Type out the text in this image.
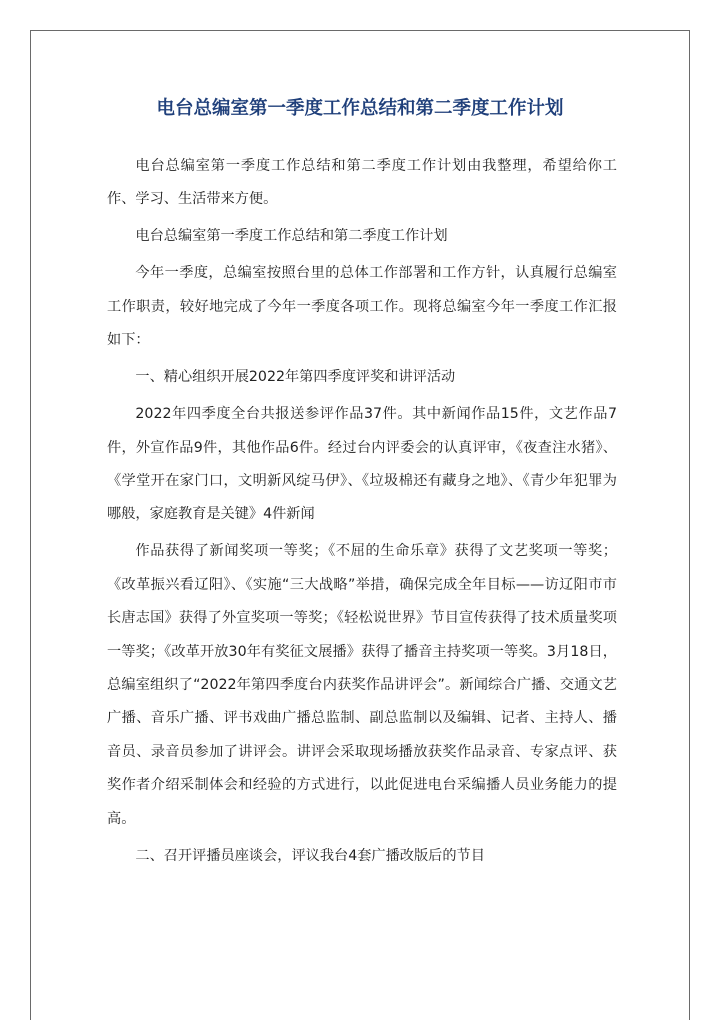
电台总编室第一季度工作总结和第二季度工作计划

电台总编室第一季度工作总结和第二季度工作计划由我整理，希望给你工作、学习、生活带来方便。

电台总编室第一季度工作总结和第二季度工作计划

今年一季度，总编室按照台里的总体工作部署和工作方针，认真履行总编室工作职责，较好地完成了今年一季度各项工作。现将总编室今年一季度工作汇报如下：

一、精心组织开展2022年第四季度评奖和讲评活动

2022年四季度全台共报送参评作品37件。其中新闻作品15件，文艺作品7件，外宣作品9件，其他作品6件。经过台内评委会的认真评审，《夜查注水猪》、《学堂开在家门口，文明新风绽马伊》、《垃圾棉还有藏身之地》、《青少年犯罪为哪般，家庭教育是关键》4件新闻

作品获得了新闻奖项一等奖；《不屈的生命乐章》获得了文艺奖项一等奖；《改革振兴看辽阳》、《实施“三大战略”举措，确保完成全年目标——访辽阳市市长唐志国》获得了外宣奖项一等奖；《轻松说世界》节目宣传获得了技术质量奖项一等奖；《改革开放30年有奖征文展播》获得了播音主持奖项一等奖。3月18日，总编室组织了“2022年第四季度台内获奖作品讲评会”。新闻综合广播、交通文艺广播、音乐广播、评书戏曲广播总监制、副总监制以及编辑、记者、主持人、播音员、录音员参加了讲评会。讲评会采取现场播放获奖作品录音、专家点评、获奖作者介绍采制体会和经验的方式进行，以此促进电台采编播人员业务能力的提高。

二、召开评播员座谈会，评议我台4套广播改版后的节目
